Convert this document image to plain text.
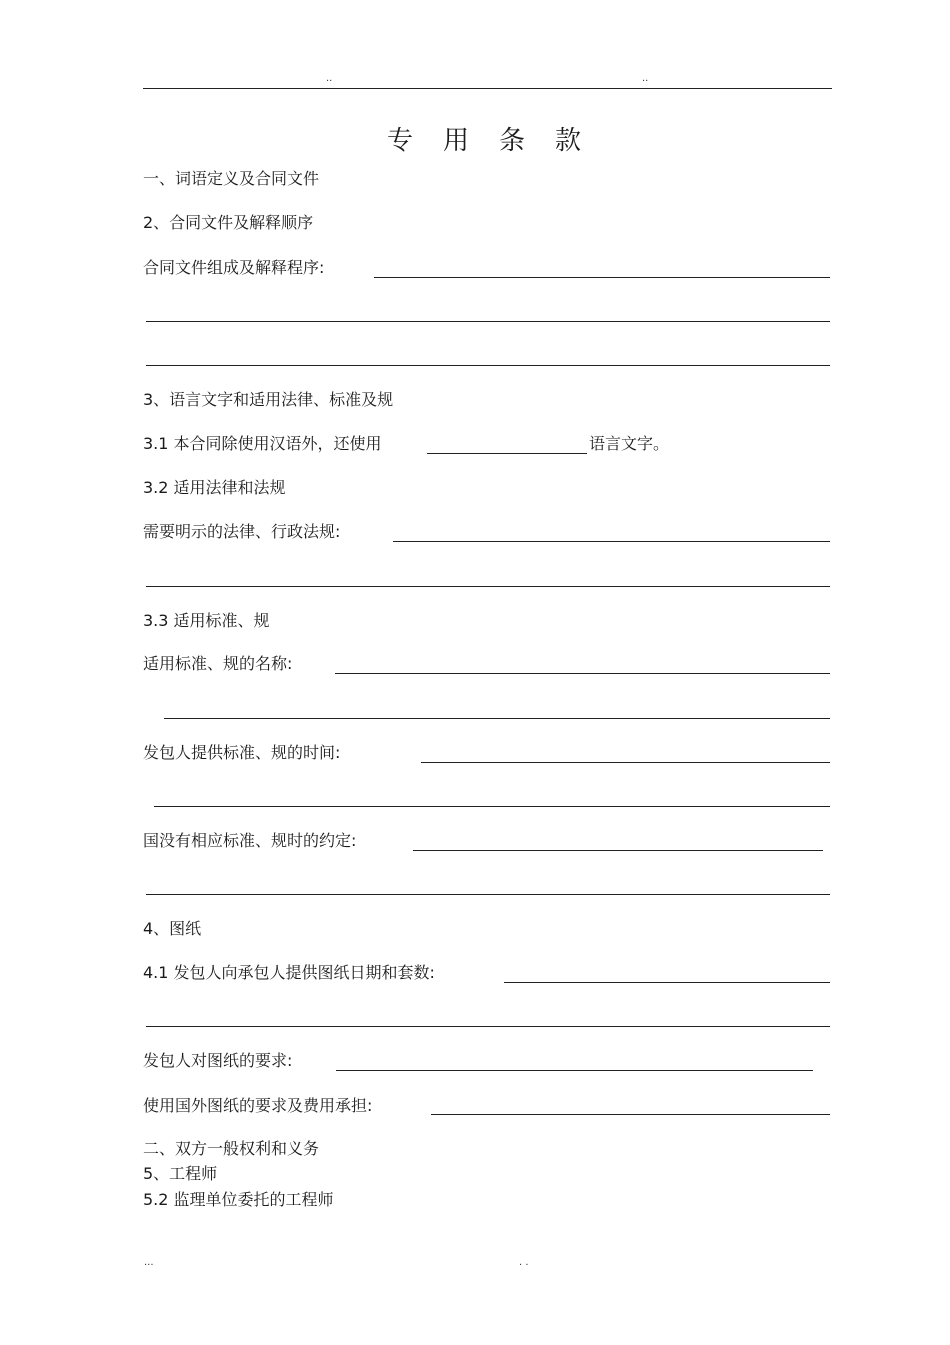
..	..
专用条款
一、词语定义及合同文件
2、合同文件及解释顺序
合同文件组成及解释程序:
3、语言文字和适用法律、标准及规
3.1 本合同除使用汉语外，还使用	语言文字。
3.2 适用法律和法规
需要明示的法律、行政法规:
3.3 适用标准、规
适用标准、规的名称:
发包人提供标准、规的时间:
国没有相应标准、规时的约定:
4、图纸
4.1 发包人向承包人提供图纸日期和套数:
发包人对图纸的要求:
使用国外图纸的要求及费用承担:
二、双方一般权利和义务
5、工程师
5.2 监理单位委托的工程师
...	. .
